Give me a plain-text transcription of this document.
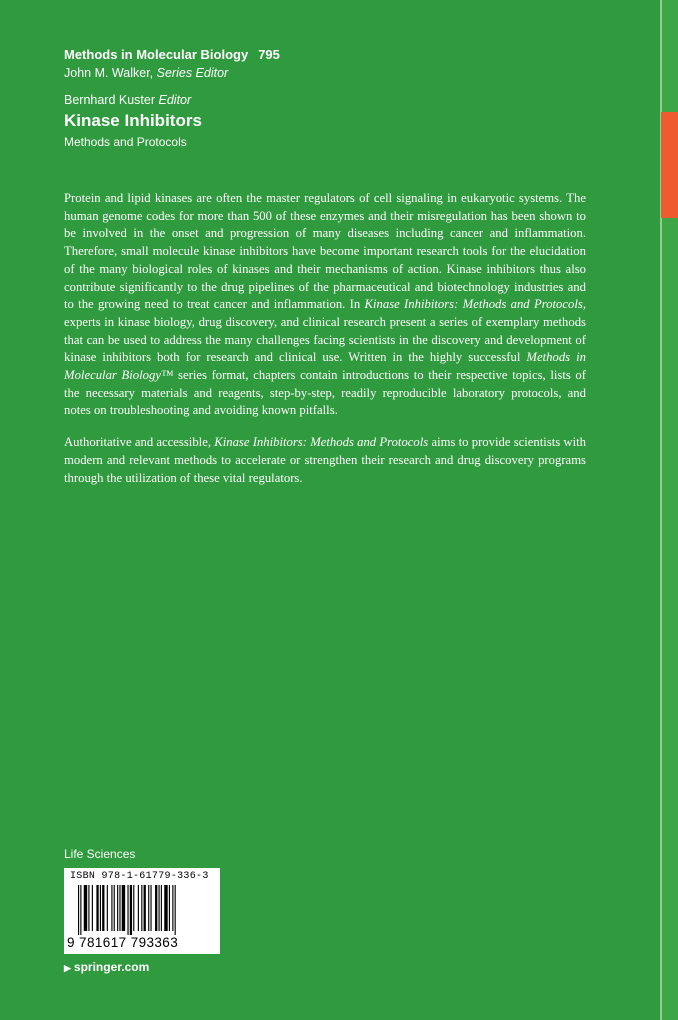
Methods in Molecular Biology 795
John M. Walker, Series Editor
Bernhard Kuster Editor
Kinase Inhibitors
Methods and Protocols

Protein and lipid kinases are often the master regulators of cell signaling in eukaryotic systems. The human genome codes for more than 500 of these enzymes and their misregulation has been shown to be involved in the onset and progression of many diseases including cancer and inflammation. Therefore, small molecule kinase inhibitors have become important research tools for the elucidation of the many biological roles of kinases and their mechanisms of action. Kinase inhibitors thus also contribute significantly to the drug pipelines of the pharmaceutical and biotechnology industries and to the growing need to treat cancer and inflammation. In Kinase Inhibitors: Methods and Protocols, experts in kinase biology, drug discovery, and clinical research present a series of exemplary methods that can be used to address the many challenges facing scientists in the discovery and development of kinase inhibitors both for research and clinical use. Written in the highly successful Methods in Molecular Biology™ series format, chapters contain introductions to their respective topics, lists of the necessary materials and reagents, step-by-step, readily reproducible laboratory protocols, and notes on troubleshooting and avoiding known pitfalls.

Authoritative and accessible, Kinase Inhibitors: Methods and Protocols aims to provide scientists with modern and relevant methods to accelerate or strengthen their research and drug discovery programs through the utilization of these vital regulators.

Life Sciences
ISBN 978-1-61779-336-3
9 781617 793363
▶ springer.com
